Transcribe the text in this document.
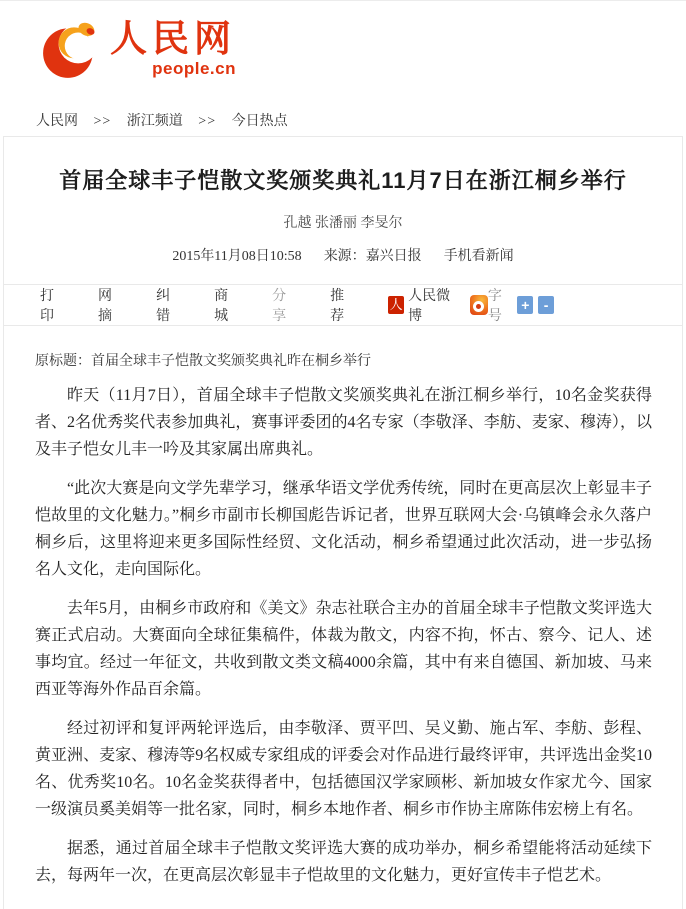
人民网
people.cn
人民网 >> 浙江频道 >> 今日热点
首届全球丰子恺散文奖颁奖典礼11月7日在浙江桐乡举行
孔越 张潘丽 李旻尔
2015年11月08日10:58 来源：嘉兴日报 手机看新闻
打印
网摘
纠错
商城
分享
推荐
人
人民微博
字号
+	-

原标题：首届全球丰子恺散文奖颁奖典礼昨在桐乡举行

昨天（11月7日），首届全球丰子恺散文奖颁奖典礼在浙江桐乡举行，10名金奖获得者、2名优秀奖代表参加典礼，赛事评委团的4名专家（李敬泽、李舫、麦家、穆涛），以及丰子恺女儿丰一吟及其家属出席典礼。

“此次大赛是向文学先辈学习，继承华语文学优秀传统，同时在更高层次上彰显丰子恺故里的文化魅力。”桐乡市副市长柳国彪告诉记者，世界互联网大会·乌镇峰会永久落户桐乡后，这里将迎来更多国际性经贸、文化活动，桐乡希望通过此次活动，进一步弘扬名人文化，走向国际化。

去年5月，由桐乡市政府和《美文》杂志社联合主办的首届全球丰子恺散文奖评选大赛正式启动。大赛面向全球征集稿件，体裁为散文，内容不拘，怀古、察今、记人、述事均宜。经过一年征文，共收到散文类文稿4000余篇，其中有来自德国、新加坡、马来西亚等海外作品百余篇。

经过初评和复评两轮评选后，由李敬泽、贾平凹、吴义勤、施占军、李舫、彭程、黄亚洲、麦家、穆涛等9名权威专家组成的评委会对作品进行最终评审，共评选出金奖10名、优秀奖10名。10名金奖获得者中，包括德国汉学家顾彬、新加坡女作家尤今、国家一级演员奚美娟等一批名家，同时，桐乡本地作者、桐乡市作协主席陈伟宏榜上有名。

据悉，通过首届全球丰子恺散文奖评选大赛的成功举办，桐乡希望能将活动延续下去，每两年一次，在更高层次彰显丰子恺故里的文化魅力，更好宣传丰子恺艺术。
